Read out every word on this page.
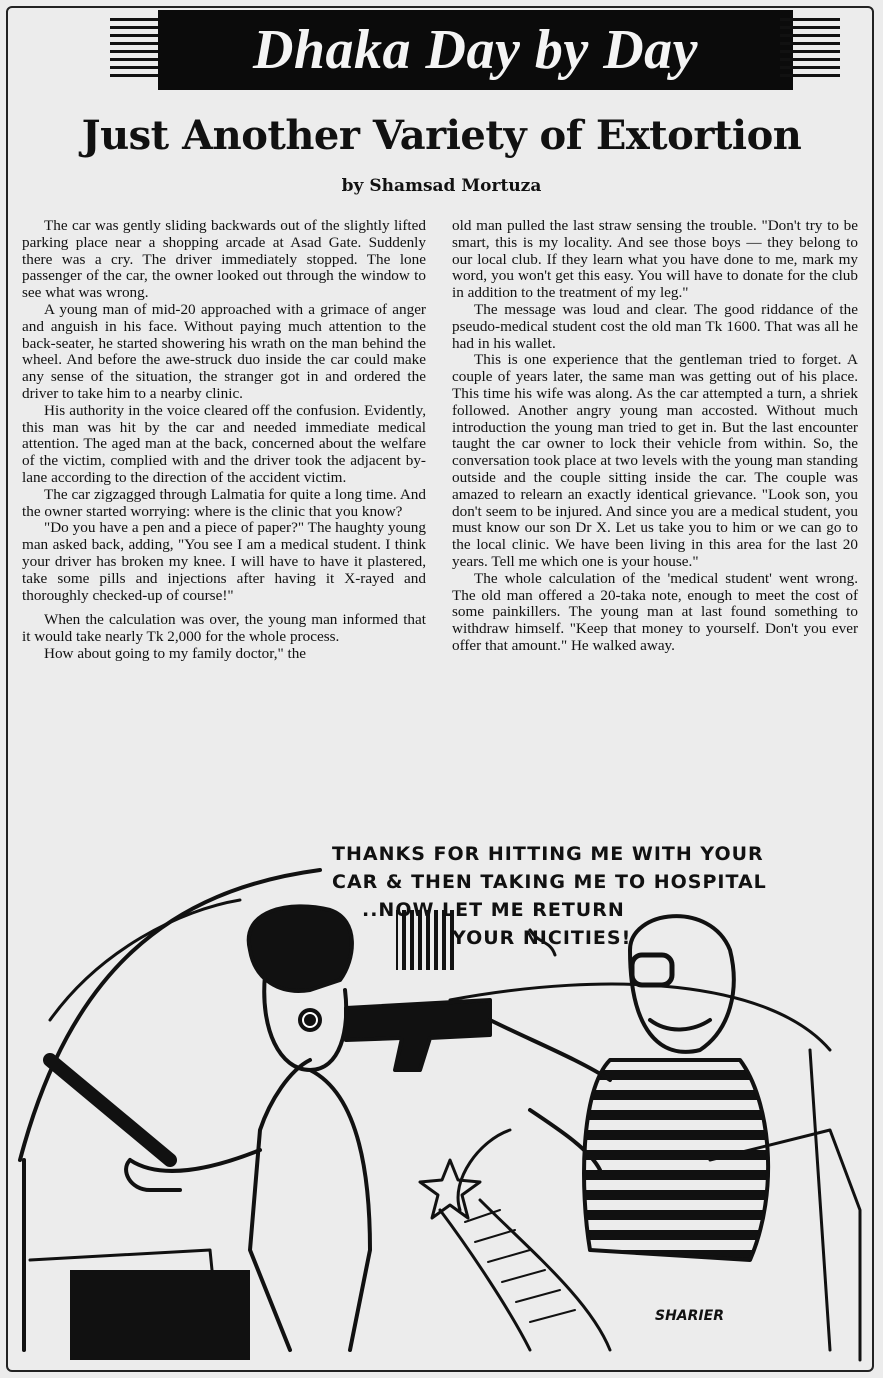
Dhaka Day by Day
Just Another Variety of Extortion
by Shamsad Mortuza

The car was gently sliding backwards out of the slightly lifted parking place near a shopping arcade at Asad Gate. Suddenly there was a cry. The driver immediately stopped. The lone passenger of the car, the owner looked out through the window to see what was wrong.

A young man of mid-20 approached with a grimace of anger and anguish in his face. Without paying much attention to the back-seater, he started showering his wrath on the man behind the wheel. And before the awe-struck duo inside the car could make any sense of the situation, the stranger got in and ordered the driver to take him to a nearby clinic.

His authority in the voice cleared off the confusion. Evidently, this man was hit by the car and needed immediate medical attention. The aged man at the back, concerned about the welfare of the victim, complied with and the driver took the adjacent by-lane according to the direction of the accident victim.

The car zigzagged through Lalmatia for quite a long time. And the owner started worrying: where is the clinic that you know?

"Do you have a pen and a piece of paper?" The haughty young man asked back, adding, "You see I am a medical student. I think your driver has broken my knee. I will have to have it plastered, take some pills and injections after having it X-rayed and thoroughly checked-up of course!"

When the calculation was over, the young man informed that it would take nearly Tk 2,000 for the whole process.

How about going to my family doctor," the

old man pulled the last straw sensing the trouble. "Don't try to be smart, this is my locality. And see those boys — they belong to our local club. If they learn what you have done to me, mark my word, you won't get this easy. You will have to donate for the club in addition to the treatment of my leg."

The message was loud and clear. The good riddance of the pseudo-medical student cost the old man Tk 1600. That was all he had in his wallet.

This is one experience that the gentleman tried to forget. A couple of years later, the same man was getting out of his place. This time his wife was along. As the car attempted a turn, a shriek followed. Another angry young man accosted. Without much introduction the young man tried to get in. But the last encounter taught the car owner to lock their vehicle from within. So, the conversation took place at two levels with the young man standing outside and the couple sitting inside the car. The couple was amazed to relearn an exactly identical grievance. "Look son, you don't seem to be injured. And since you are a medical student, you must know our son Dr X. Let us take you to him or we can go to the local clinic. We have been living in this area for the last 20 years. Tell me which one is your house."

The whole calculation of the 'medical student' went wrong. The old man offered a 20-taka note, enough to meet the cost of some painkillers. The young man at last found something to withdraw himself. "Keep that money to yourself. Don't you ever offer that amount." He walked away.

THANKS FOR HITTING ME WITH YOUR
CAR & THEN TAKING ME TO HOSPITAL
..NOW LET ME RETURN
YOUR NICITIES!
SHARIER
